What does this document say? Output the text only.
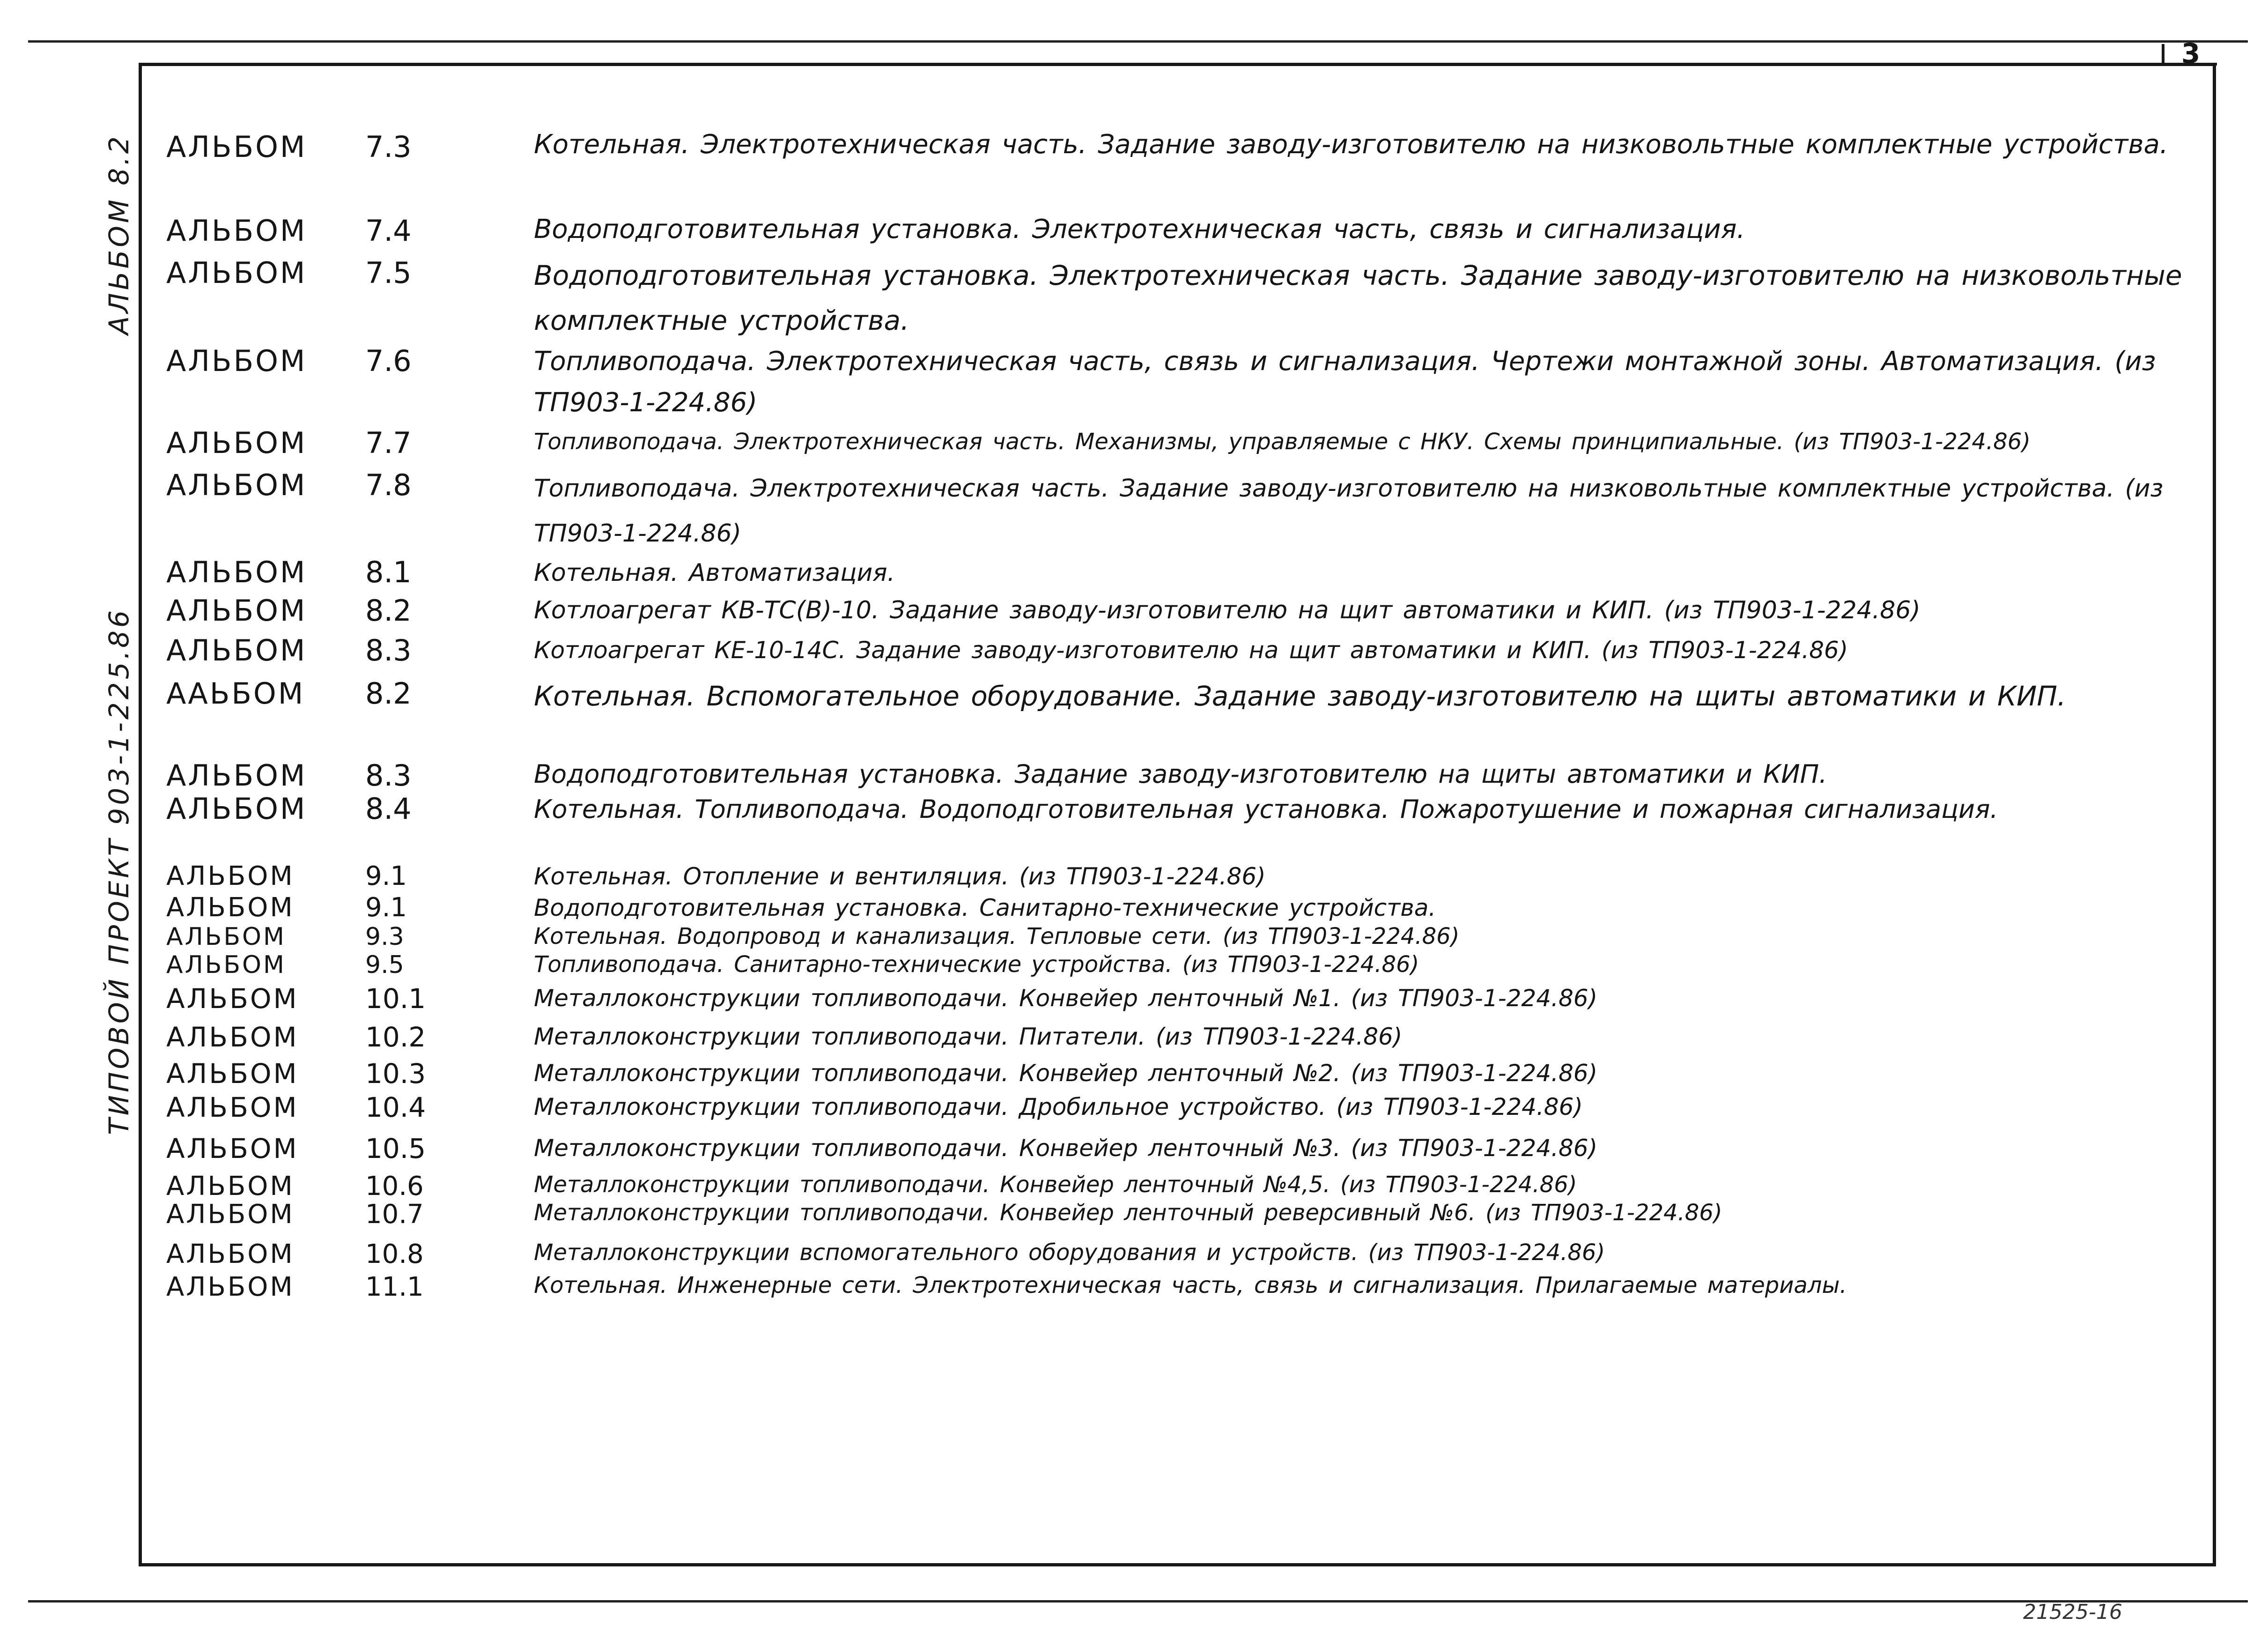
3
АЛЬБОМ 8.2
ТИПОВОЙ ПРОЕКТ 903-1-225.86
АЛЬБОМ 7.3	Котельная. Электротехническая часть. Задание заводу-изготовителю на низковольтные комплектные устройства.
АЛЬБОМ 7.4	Водоподготовительная установка. Электротехническая часть, связь и сигнализация.
АЛЬБОМ 7.5	Водоподготовительная установка. Электротехническая часть. Задание заводу-изготовителю на низковольтные комплектные устройства.
АЛЬБОМ 7.6	Топливоподача. Электротехническая часть, связь и сигнализация. Чертежи монтажной зоны. Автоматизация. (из ТП903-1-224.86)
АЛЬБОМ 7.7	Топливоподача. Электротехническая часть. Механизмы, управляемые с НКУ. Схемы принципиальные. (из ТП903-1-224.86)
АЛЬБОМ 7.8	Топливоподача. Электротехническая часть. Задание заводу-изготовителю на низковольтные комплектные устройства. (из ТП903-1-224.86)
АЛЬБОМ 8.1	Котельная. Автоматизация.
АЛЬБОМ 8.2	Котлоагрегат КВ-ТС(В)-10. Задание заводу-изготовителю на щит автоматики и КИП. (из ТП903-1-224.86)
АЛЬБОМ 8.3	Котлоагрегат КЕ-10-14С. Задание заводу-изготовителю на щит автоматики и КИП. (из ТП903-1-224.86)
ААЬБОМ 8.2	Котельная. Вспомогательное оборудование. Задание заводу-изготовителю на щиты автоматики и КИП.
АЛЬБОМ 8.3	Водоподготовительная установка. Задание заводу-изготовителю на щиты автоматики и КИП.
АЛЬБОМ 8.4	Котельная. Топливоподача. Водоподготовительная установка. Пожаротушение и пожарная сигнализация.
АЛЬБОМ	9.1	Котельная. Отопление и вентиляция. (из ТП903-1-224.86)
АЛЬБОМ	9.1	Водоподготовительная установка. Санитарно-технические устройства.
АЛЬБОМ	9.3	Котельная. Водопровод и канализация. Тепловые сети. (из ТП903-1-224.86)
АЛЬБОМ	9.5	Топливоподача. Санитарно-технические устройства. (из ТП903-1-224.86)
АЛЬБОМ 10.1	Металлоконструкции топливоподачи. Конвейер ленточный №1. (из ТП903-1-224.86)
АЛЬБОМ 10.2	Металлоконструкции топливоподачи. Питатели. (из ТП903-1-224.86)
АЛЬБОМ 10.3	Металлоконструкции топливоподачи. Конвейер ленточный №2. (из ТП903-1-224.86)
АЛЬБОМ 10.4	Металлоконструкции топливоподачи. Дробильное устройство. (из ТП903-1-224.86)
АЛЬБОМ 10.5	Металлоконструкции топливоподачи. Конвейер ленточный №3. (из ТП903-1-224.86)
АЛЬБОМ	10.6	Металлоконструкции топливоподачи. Конвейер ленточный №4,5. (из ТП903-1-224.86)
АЛЬБОМ	10.7	Металлоконструкции топливоподачи. Конвейер ленточный реверсивный №6. (из ТП903-1-224.86)
АЛЬБОМ	10.8	Металлоконструкции вспомогательного оборудования и устройств. (из ТП903-1-224.86)
АЛЬБОМ	11.1	Котельная. Инженерные сети. Электротехническая часть, связь и сигнализация. Прилагаемые материалы.
21525-16
